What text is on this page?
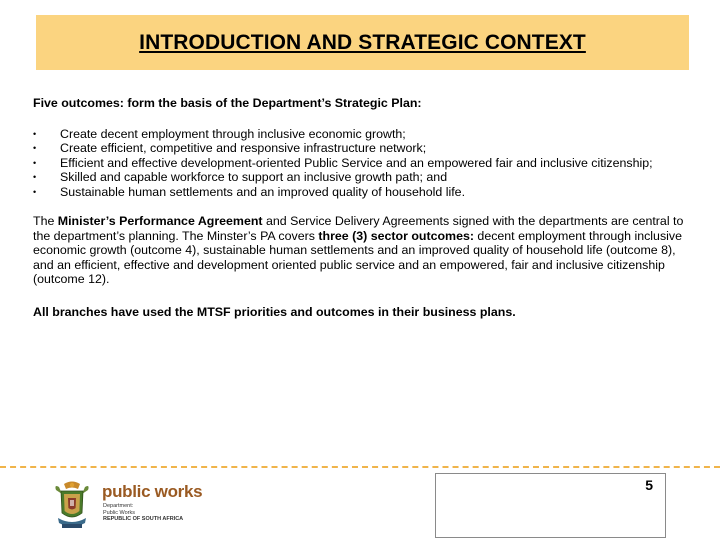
INTRODUCTION AND STRATEGIC CONTEXT

Five outcomes: form the basis of the Department’s Strategic Plan:

• Create decent employment through inclusive economic growth;
• Create efficient, competitive and responsive infrastructure network;
• Efficient and effective development-oriented Public Service and an empowered fair and inclusive citizenship;
• Skilled and capable workforce to support an inclusive growth path; and
• Sustainable human settlements and an improved quality of household life.

The Minister’s Performance Agreement and Service Delivery Agreements signed with the departments are central to the department’s planning. The Minster’s PA covers three (3) sector outcomes: decent employment through inclusive economic growth (outcome 4), sustainable human settlements and an improved quality of household life (outcome 8), and an efficient, effective and development oriented public service and an empowered, fair and inclusive citizenship (outcome 12).

All branches have used the MTSF priorities and outcomes in their business plans.

public works
Department:
Public Works
REPUBLIC OF SOUTH AFRICA
5
